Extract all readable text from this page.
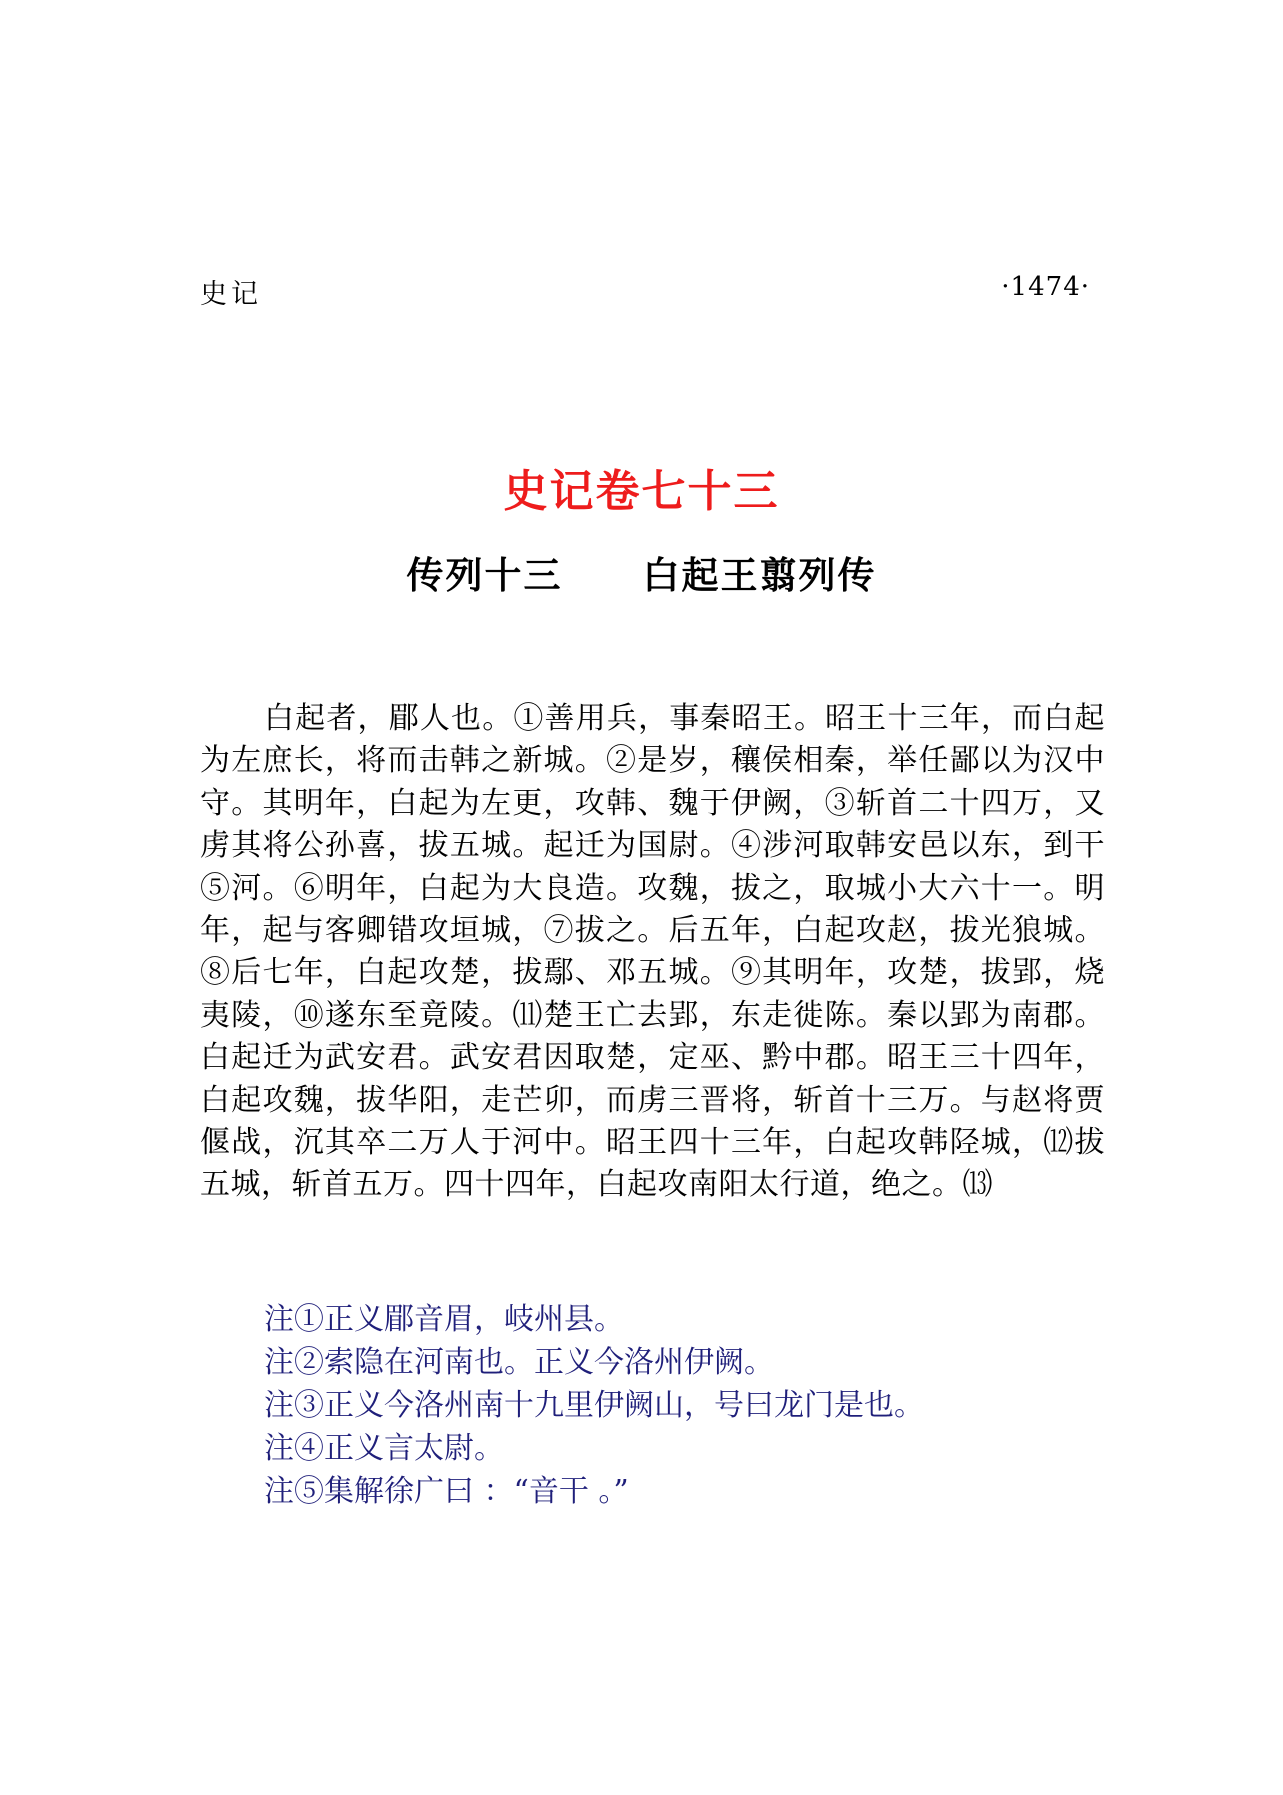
史记	·1474·
史记卷七十三
传列十三 白起王翦列传
白起者，郿人也。①善用兵，事秦昭王。昭王十三年，而白起为左庶长，将而击韩之新城。②是岁，穰侯相秦，举任鄙以为汉中守。其明年，白起为左更，攻韩、魏于伊阙，③斩首二十四万，又虏其将公孙喜，拔五城。起迁为国尉。④涉河取韩安邑以东，到干⑤河。⑥明年，白起为大良造。攻魏，拔之，取城小大六十一。明年，起与客卿错攻垣城，⑦拔之。后五年，白起攻赵，拔光狼城。⑧后七年，白起攻楚，拔鄢、邓五城。⑨其明年，攻楚，拔郢，烧夷陵，⑩遂东至竟陵。⑾楚王亡去郢，东走徙陈。秦以郢为南郡。白起迁为武安君。武安君因取楚，定巫、黔中郡。昭王三十四年，白起攻魏，拔华阳，走芒卯，而虏三晋将，斩首十三万。与赵将贾偃战，沉其卒二万人于河中。昭王四十三年，白起攻韩陉城，⑿拔五城，斩首五万。四十四年，白起攻南阳太行道，绝之。⒀
注①正义郿音眉，岐州县。
注②索隐在河南也。正义今洛州伊阙。
注③正义今洛州南十九里伊阙山，号曰龙门是也。
注④正义言太尉。
注⑤集解徐广曰 ：“音干 。”
